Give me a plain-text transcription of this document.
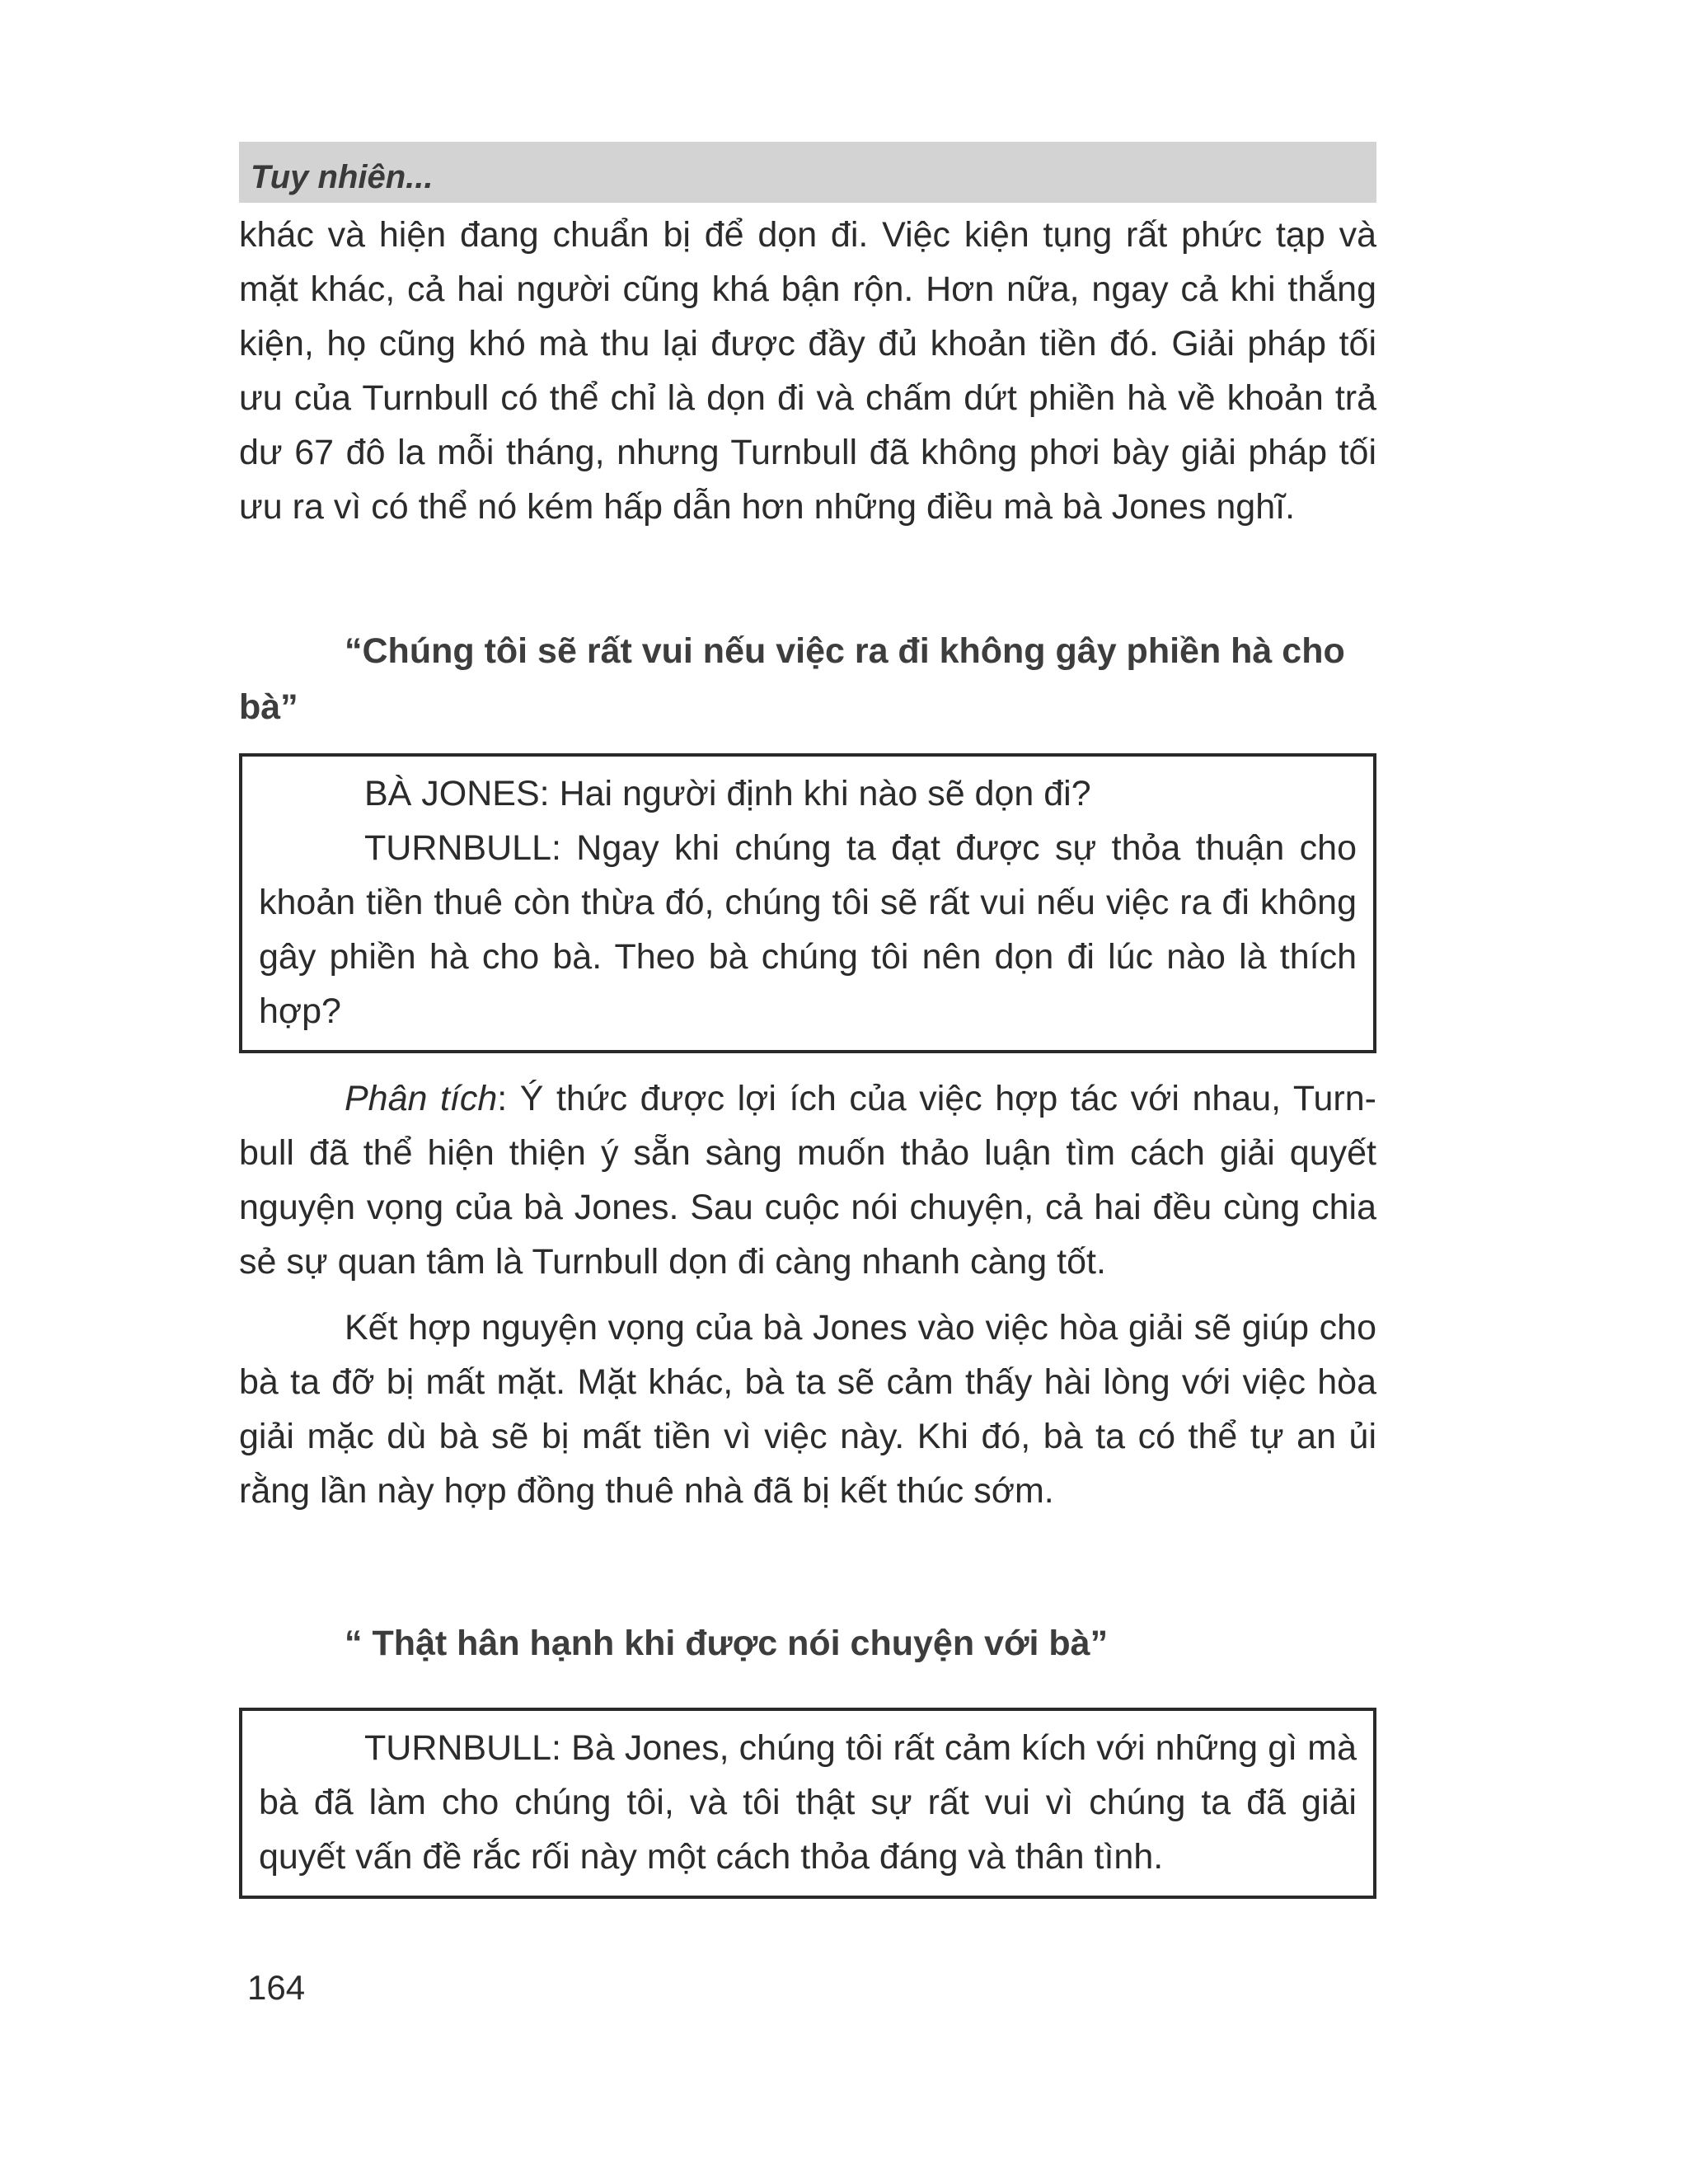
Tuy nhiên...

khác và hiện đang chuẩn bị để dọn đi. Việc kiện tụng rất phức tạp và mặt khác, cả hai người cũng khá bận rộn. Hơn nữa, ngay cả khi thắng kiện, họ cũng khó mà thu lại được đầy đủ khoản tiền đó. Giải pháp tối ưu của Turnbull có thể chỉ là dọn đi và chấm dứt phiền hà về khoản trả dư 67 đô la mỗi tháng, nhưng Turnbull đã không phơi bày giải pháp tối ưu ra vì có thể nó kém hấp dẫn hơn những điều mà bà Jones nghĩ.

“Chúng tôi sẽ rất vui nếu việc ra đi không gây phiền hà cho bà”

BÀ JONES: Hai người định khi nào sẽ dọn đi?

TURNBULL: Ngay khi chúng ta đạt được sự thỏa thuận cho khoản tiền thuê còn thừa đó, chúng tôi sẽ rất vui nếu việc ra đi không gây phiền hà cho bà. Theo bà chúng tôi nên dọn đi lúc nào là thích hợp?

Phân tích: Ý thức được lợi ích của việc hợp tác với nhau, Turnbull đã thể hiện thiện ý sẵn sàng muốn thảo luận tìm cách giải quyết nguyện vọng của bà Jones. Sau cuộc nói chuyện, cả hai đều cùng chia sẻ sự quan tâm là Turnbull dọn đi càng nhanh càng tốt.

Kết hợp nguyện vọng của bà Jones vào việc hòa giải sẽ giúp cho bà ta đỡ bị mất mặt. Mặt khác, bà ta sẽ cảm thấy hài lòng với việc hòa giải mặc dù bà sẽ bị mất tiền vì việc này. Khi đó, bà ta có thể tự an ủi rằng lần này hợp đồng thuê nhà đã bị kết thúc sớm.

“ Thật hân hạnh khi được nói chuyện với bà”

TURNBULL: Bà Jones, chúng tôi rất cảm kích với những gì mà bà đã làm cho chúng tôi, và tôi thật sự rất vui vì chúng ta đã giải quyết vấn đề rắc rối này một cách thỏa đáng và thân tình.

164
